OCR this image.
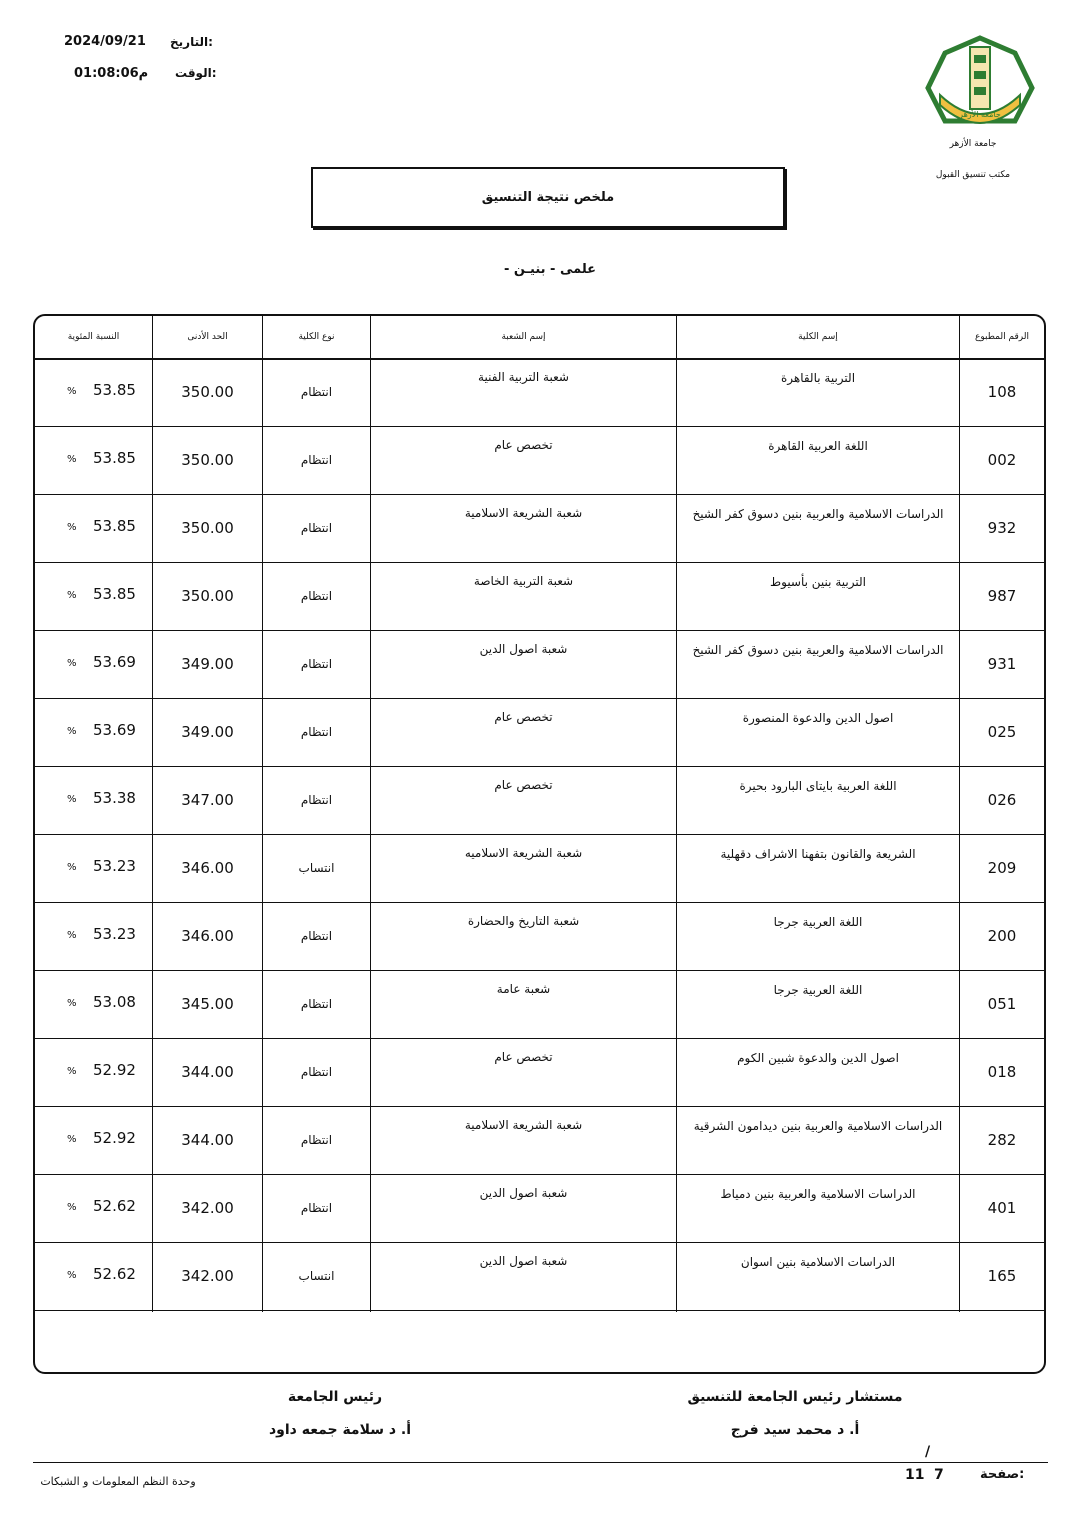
التاريخ:
2024/09/21
الوقت:
م01:08:06
جامعة الأزهر
جامعة الأزهر
مكتب تنسيق القبول
ملخص نتيجة التنسيق
- علمى - بنيـن
الرقم المطبوع
إسم الكلية
إسم الشعبة
نوع الكلية
الحد الأدنى
النسبة المئوية
108
التربية بالقاهرة
شعبة التربية الفنية
انتظام
350.00
53.85
%
002
اللغة العربية القاهرة
تخصص عام
انتظام
350.00
53.85
%
932
الدراسات الاسلامية والعربية بنين دسوق كفر الشيخ
شعبة الشريعة الاسلامية
انتظام
350.00
53.85
%
987
التربية بنين بأسيوط
شعبة التربية الخاصة
انتظام
350.00
53.85
%
931
الدراسات الاسلامية والعربية بنين دسوق كفر الشيخ
شعبة اصول الدين
انتظام
349.00
53.69
%
025
اصول الدين والدعوة المنصورة
تخصص عام
انتظام
349.00
53.69
%
026
اللغة العربية بايتاى البارود بحيرة
تخصص عام
انتظام
347.00
53.38
%
209
الشريعة والقانون بتفهنا الاشراف دقهلية
شعبة الشريعة الاسلاميه
انتساب
346.00
53.23
%
200
اللغة العربية جرجا
شعبة التاريخ والحضارة
انتظام
346.00
53.23
%
051
اللغة العربية جرجا
شعبة عامة
انتظام
345.00
53.08
%
018
اصول الدين والدعوة شبين الكوم
تخصص عام
انتظام
344.00
52.92
%
282
الدراسات الاسلامية والعربية بنين ديدامون الشرقية
شعبة الشريعة الاسلامية
انتظام
344.00
52.92
%
401
الدراسات الاسلامية والعربية بنين دمياط
شعبة اصول الدين
انتظام
342.00
52.62
%
165
الدراسات الاسلامية بنين اسوان
شعبة اصول الدين
انتساب
342.00
52.62
%
رئيس الجامعة
أ. د سلامة جمعه داود
مستشار رئيس الجامعة للتنسيق
أ. د محمد سيد فرج
/
وحدة النظم المعلومات و الشبكات	صفحة:
7
11
